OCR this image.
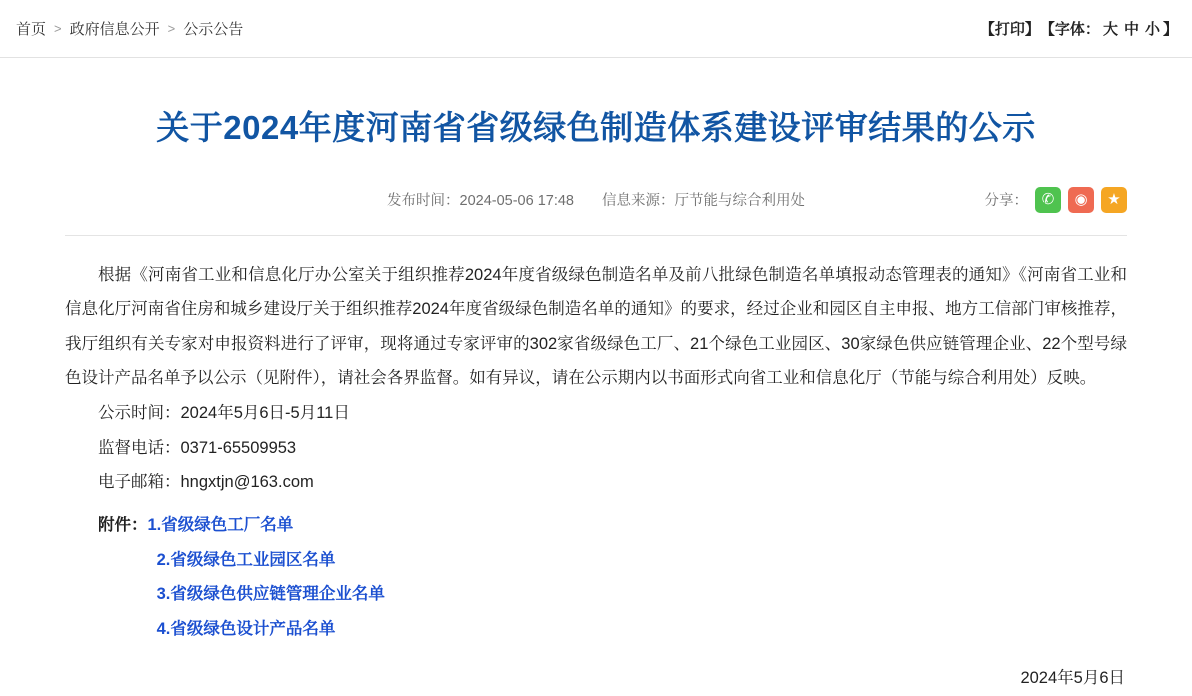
首页 > 政府信息公开 > 公示公告	【打印】 【字体： 大 中 小 】
关于2024年度河南省省级绿色制造体系建设评审结果的公示
发布时间：2024-05-06 17:48 信息来源：厅节能与综合利用处	分享： ✆	◉	★

根据《河南省工业和信息化厅办公室关于组织推荐2024年度省级绿色制造名单及前八批绿色制造名单填报动态管理表的通知》《河南省工业和信息化厅河南省住房和城乡建设厅关于组织推荐2024年度省级绿色制造名单的通知》的要求，经过企业和园区自主申报、地方工信部门审核推荐，我厅组织有关专家对申报资料进行了评审，现将通过专家评审的302家省级绿色工厂、21个绿色工业园区、30家绿色供应链管理企业、22个型号绿色设计产品名单予以公示（见附件），请社会各界监督。如有异议，请在公示期内以书面形式向省工业和信息化厅（节能与综合利用处）反映。

公示时间：2024年5月6日-5月11日

监督电话：0371-65509953

电子邮箱：hngxtjn@163.com

附件：1.省级绿色工厂名单
2.省级绿色工业园区名单
3.省级绿色供应链管理企业名单
4.省级绿色设计产品名单
2024年5月6日
